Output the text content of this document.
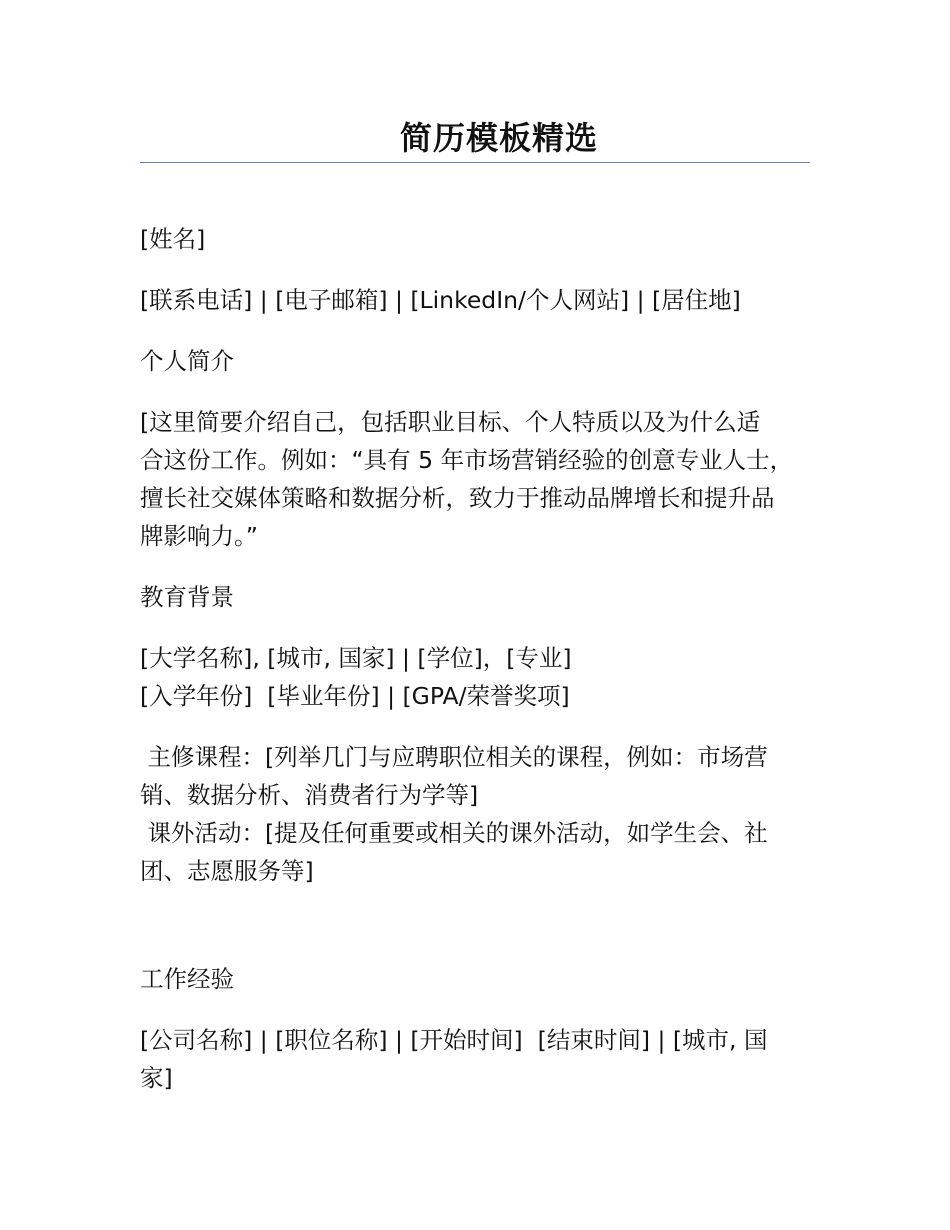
简历模板精选
[姓名]
[联系电话] | [电子邮箱] | [LinkedIn/个人网站] | [居住地]
个人简介
[这里简要介绍自己，包括职业目标、个人特质以及为什么适
合这份工作。例如：“具有 5 年市场营销经验的创意专业人士，
擅长社交媒体策略和数据分析，致力于推动品牌增长和提升品
牌影响力。”
教育背景
[大学名称], [城市, 国家] | [学位]，[专业]
[入学年份]  [毕业年份] | [GPA/荣誉奖项]
主修课程：[列举几门与应聘职位相关的课程，例如：市场营
销、数据分析、消费者行为学等]
课外活动：[提及任何重要或相关的课外活动，如学生会、社
团、志愿服务等]
工作经验
[公司名称] | [职位名称] | [开始时间]  [结束时间] | [城市, 国
家]
